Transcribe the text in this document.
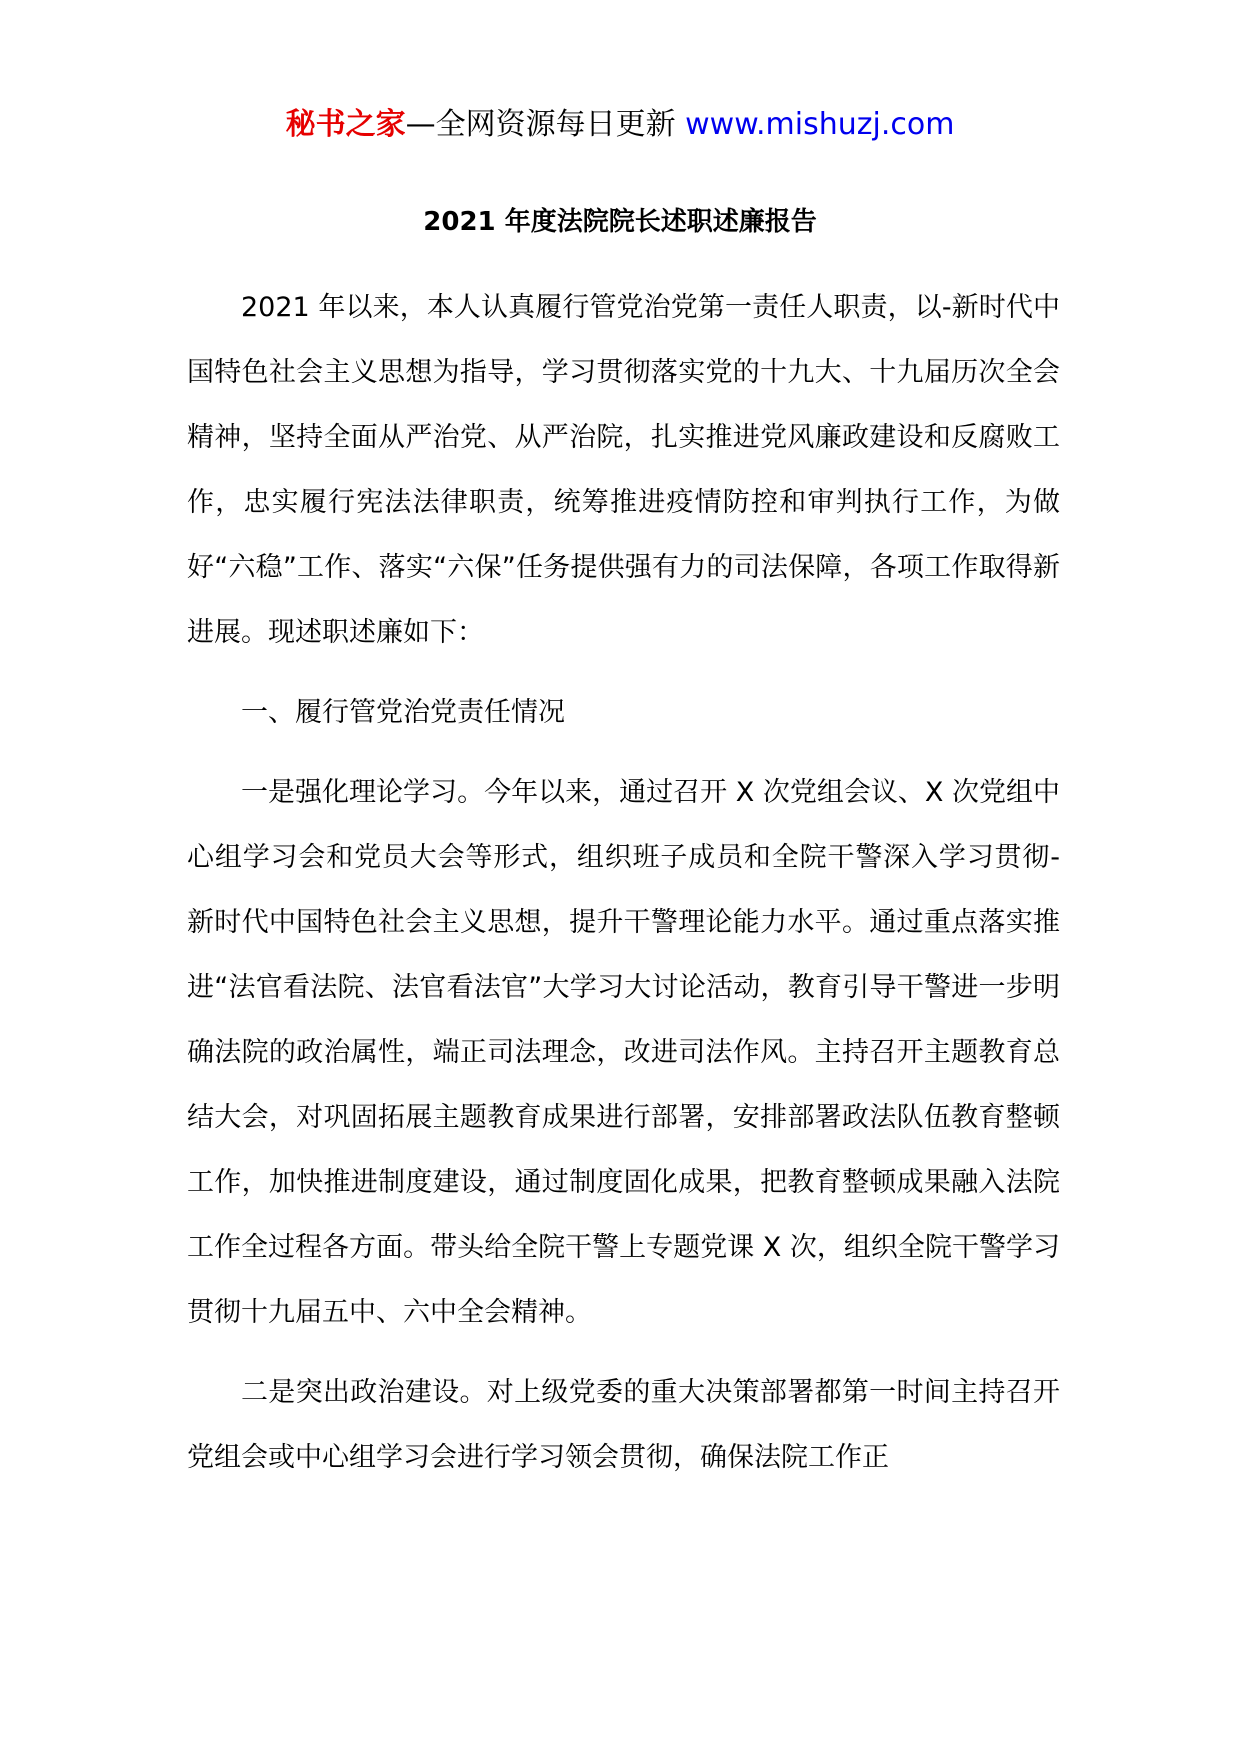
秘书之家—全网资源每日更新 www.mishuzj.com
2021 年度法院院长述职述廉报告

2021 年以来，本人认真履行管党治党第一责任人职责，以-新时代中国特色社会主义思想为指导，学习贯彻落实党的十九大、十九届历次全会精神，坚持全面从严治党、从严治院，扎实推进党风廉政建设和反腐败工作，忠实履行宪法法律职责，统筹推进疫情防控和审判执行工作，为做好“六稳”工作、落实“六保”任务提供强有力的司法保障，各项工作取得新进展。现述职述廉如下：

一、履行管党治党责任情况

一是强化理论学习。今年以来，通过召开 X 次党组会议、X 次党组中心组学习会和党员大会等形式，组织班子成员和全院干警深入学习贯彻-新时代中国特色社会主义思想，提升干警理论能力水平。通过重点落实推进“法官看法院、法官看法官”大学习大讨论活动，教育引导干警进一步明确法院的政治属性，端正司法理念，改进司法作风。主持召开主题教育总结大会，对巩固拓展主题教育成果进行部署，安排部署政法队伍教育整顿工作，加快推进制度建设，通过制度固化成果，把教育整顿成果融入法院工作全过程各方面。带头给全院干警上专题党课 X 次，组织全院干警学习贯彻十九届五中、六中全会精神。

二是突出政治建设。对上级党委的重大决策部署都第一时间主持召开党组会或中心组学习会进行学习领会贯彻，确保法院工作正
